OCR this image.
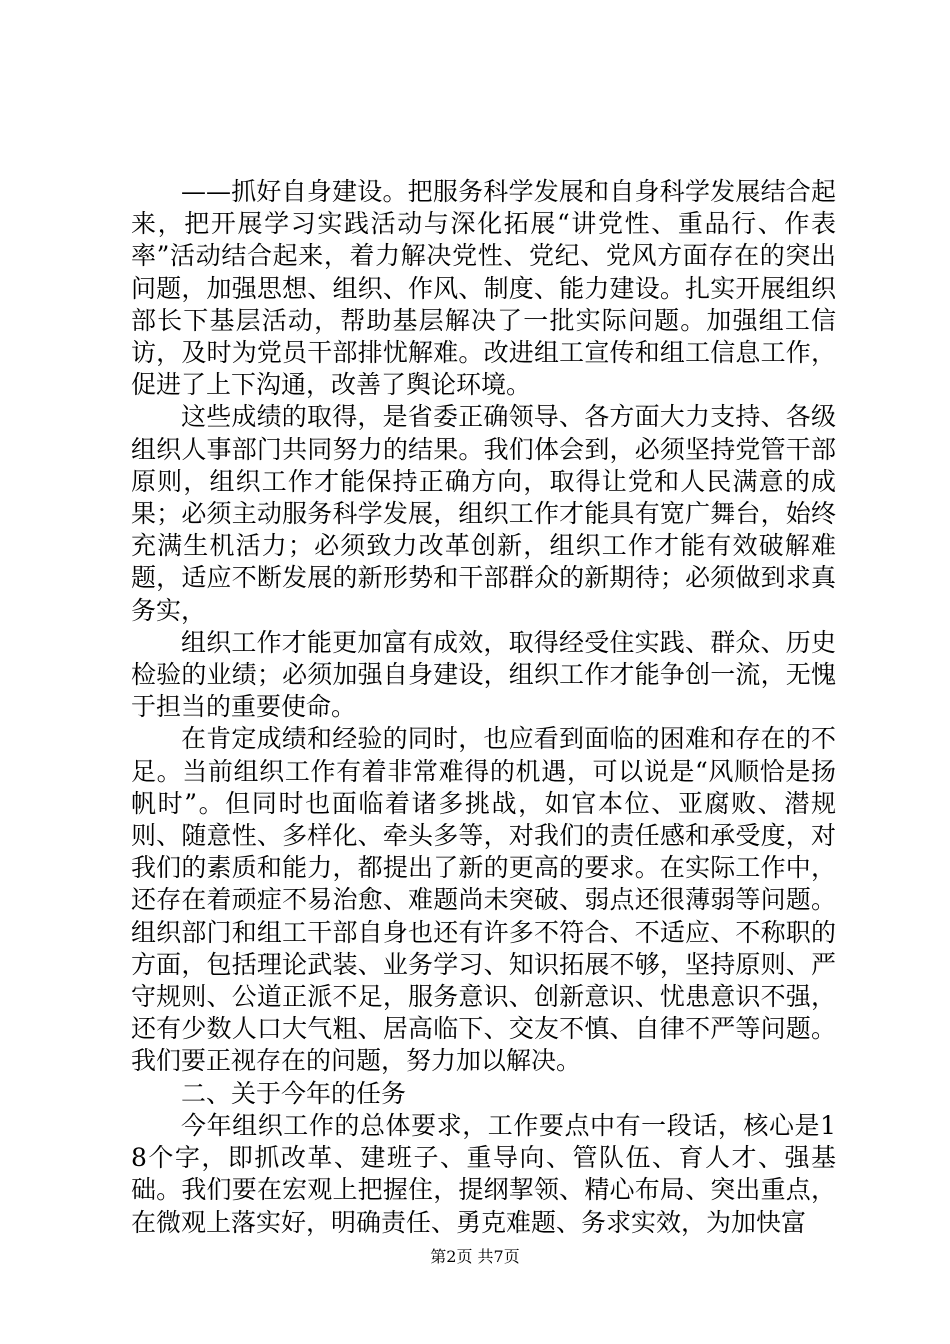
——抓好自身建设。把服务科学发展和自身科学发展结合起来，把开展学习实践活动与深化拓展“讲党性、重品行、作表率”活动结合起来，着力解决党性、党纪、党风方面存在的突出问题，加强思想、组织、作风、制度、能力建设。扎实开展组织部长下基层活动，帮助基层解决了一批实际问题。加强组工信访，及时为党员干部排忧解难。改进组工宣传和组工信息工作，促进了上下沟通，改善了舆论环境。

这些成绩的取得，是省委正确领导、各方面大力支持、各级组织人事部门共同努力的结果。我们体会到，必须坚持党管干部原则，组织工作才能保持正确方向，取得让党和人民满意的成果；必须主动服务科学发展，组织工作才能具有宽广舞台，始终充满生机活力；必须致力改革创新，组织工作才能有效破解难题，适应不断发展的新形势和干部群众的新期待；必须做到求真务实，

组织工作才能更加富有成效，取得经受住实践、群众、历史检验的业绩；必须加强自身建设，组织工作才能争创一流，无愧于担当的重要使命。

在肯定成绩和经验的同时，也应看到面临的困难和存在的不足。当前组织工作有着非常难得的机遇，可以说是“风顺恰是扬帆时”。但同时也面临着诸多挑战，如官本位、亚腐败、潜规则、随意性、多样化、牵头多等，对我们的责任感和承受度，对我们的素质和能力，都提出了新的更高的要求。在实际工作中，还存在着顽症不易治愈、难题尚未突破、弱点还很薄弱等问题。组织部门和组工干部自身也还有许多不符合、不适应、不称职的方面，包括理论武装、业务学习、知识拓展不够，坚持原则、严守规则、公道正派不足，服务意识、创新意识、忧患意识不强，还有少数人口大气粗、居高临下、交友不慎、自律不严等问题。我们要正视存在的问题，努力加以解决。

二、关于今年的任务

今年组织工作的总体要求，工作要点中有一段话，核心是18个字，即抓改革、建班子、重导向、管队伍、育人才、强基础。我们要在宏观上把握住，提纲挈领、精心布局、突出重点，在微观上落实好，明确责任、勇克难题、务求实效，为加快富

第2页 共7页
